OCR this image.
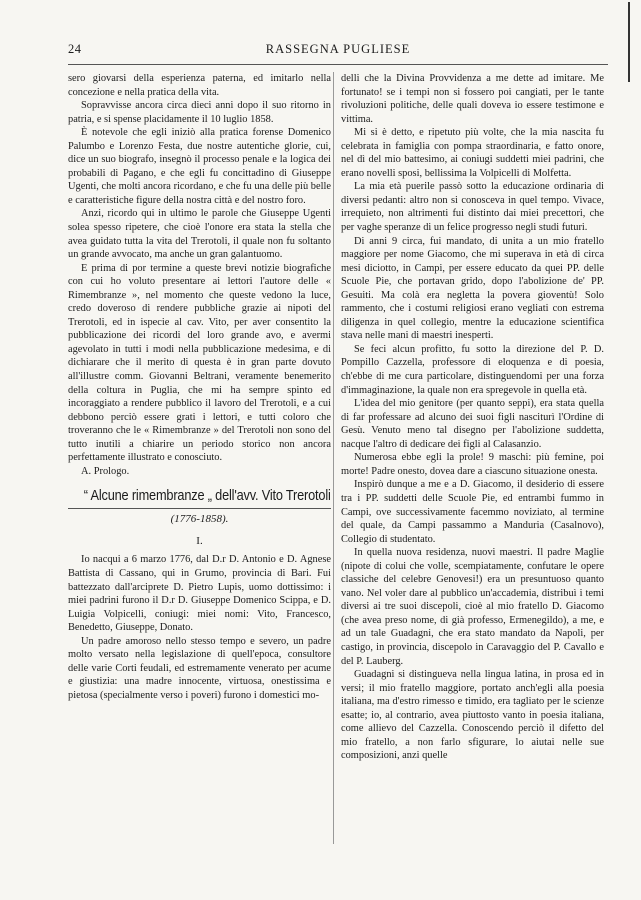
24	RASSEGNA PUGLIESE

sero giovarsi della esperienza paterna, ed imitarlo nella concezione e nella pratica della vita.

Sopravvisse ancora circa dieci anni dopo il suo ritorno in patria, e si spense placidamente il 10 luglio 1858.

È notevole che egli iniziò alla pratica forense Domenico Palumbo e Lorenzo Festa, due nostre autentiche glorie, cui, dice un suo biografo, insegnò il processo penale e la logica dei probabili di Pagano, e che egli fu concittadino di Giuseppe Ugenti, che molti ancora ricordano, e che fu una delle più belle e caratteristiche figure della nostra città e del nostro foro.

Anzi, ricordo qui in ultimo le parole che Giuseppe Ugenti solea spesso ripetere, che cioè l'onore era stata la stella che avea guidato tutta la vita del Trerotoli, il quale non fu soltanto un grande avvocato, ma anche un gran galantuomo.

E prima di por termine a queste brevi notizie biografiche con cui ho voluto presentare ai lettori l'autore delle « Rimembranze », nel momento che queste vedono la luce, credo doveroso di rendere pubbliche grazie ai nipoti del Trerotoli, ed in ispecie al cav. Vito, per aver consentito la pubblicazione dei ricordi del loro grande avo, e avermi agevolato in tutti i modi nella pubblicazione medesima, e di dichiarare che il merito di questa è in gran parte dovuto all'illustre comm. Giovanni Beltrani, veramente benemerito della coltura in Puglia, che mi ha sempre spinto ed incoraggiato a rendere pubblico il lavoro del Trerotoli, e a cui debbono perciò essere grati i lettori, e tutti coloro che troveranno che le « Rimembranze » del Trerotoli non sono del tutto inutili a chiarire un periodo storico non ancora perfettamente illustrato e conosciuto.

A. Prologo.

“ Alcune rimembranze „ dell'avv. Vito Trerotoli
(1776-1858).
I.

Io nacqui a 6 marzo 1776, dal D.r D. Antonio e D. Agnese Battista di Cassano, qui in Grumo, provincia di Bari. Fui battezzato dall'arciprete D. Pietro Lupis, uomo dottissimo: i miei padrini furono il D.r D. Giuseppe Domenico Scippa, e D. Luigia Volpicelli, coniugi: miei nomi: Vito, Francesco, Benedetto, Giuseppe, Donato.

Un padre amoroso nello stesso tempo e severo, un padre molto versato nella legislazione di quell'epoca, consultore delle varie Corti feudali, ed estremamente venerato per acume e giustizia: una madre innocente, virtuosa, onestissima e pietosa (specialmente verso i poveri) furono i domestici mo-

delli che la Divina Provvidenza a me dette ad imitare. Me fortunato! se i tempi non si fossero poi cangiati, per le tante rivoluzioni politiche, delle quali doveva io essere testimone e vittima.

Mi si è detto, e ripetuto più volte, che la mia nascita fu celebrata in famiglia con pompa straordinaria, e fatto onore, nel dì del mio battesimo, ai coniugi suddetti miei padrini, che erano novelli sposi, bellissima la Volpicelli di Molfetta.

La mia età puerile passò sotto la educazione ordinaria di diversi pedanti: altro non si conosceva in quel tempo. Vivace, irrequieto, non altrimenti fui distinto dai miei precettori, che per vaghe speranze di un felice progresso negli studi futuri.

Di anni 9 circa, fui mandato, di unita a un mio fratello maggiore per nome Giacomo, che mi superava in età di circa mesi diciotto, in Campi, per essere educato da quei PP. delle Scuole Pie, che portavan grido, dopo l'abolizione de' PP. Gesuiti. Ma colà era negletta la povera gioventù! Solo rammento, che i costumi religiosi erano vegliati con estrema diligenza in quel collegio, mentre la educazione scientifica stava nelle mani di maestri inesperti.

Se feci alcun profitto, fu sotto la direzione del P. D. Pompillo Cazzella, professore di eloquenza e di poesia, ch'ebbe di me cura particolare, distinguendomi per una forza d'immaginazione, la quale non era spregevole in quella età.

L'idea del mio genitore (per quanto seppi), era stata quella di far professare ad alcuno dei suoi figli nasciturì l'Ordine di Gesù. Venuto meno tal disegno per l'abolizione suddetta, nacque l'altro di dedicare dei figli al Calasanzio.

Numerosa ebbe egli la prole! 9 maschi: più femine, poi morte! Padre onesto, dovea dare a ciascuno situazione onesta.

Inspirò dunque a me e a D. Giacomo, il desiderio di essere tra i PP. suddetti delle Scuole Pie, ed entrambi fummo in Campi, ove successivamente facemmo noviziato, al termine del quale, da Campi passammo a Manduria (Casalnovo), Collegio di studentato.

In quella nuova residenza, nuovi maestri. Il padre Maglie (nipote di colui che volle, scempiatamente, confutare le opere classiche del celebre Genovesi!) era un presuntuoso quanto vano. Nel voler dare al pubblico un'accademia, distribuì i temi diversi ai tre suoi discepoli, cioè al mio fratello D. Giacomo (che avea preso nome, di già professo, Ermenegildo), a me, e ad un tale Guadagni, che era stato mandato da Napoli, per castigo, in provincia, discepolo in Caravaggio del P. Cavallo e del P. Lauberg.

Guadagni si distingueva nella lingua latina, in prosa ed in versi; il mio fratello maggiore, portato anch'egli alla poesia italiana, ma d'estro rimesso e timido, era tagliato per le scienze esatte; io, al contrario, avea piuttosto vanto in poesia italiana, come allievo del Cazzella. Conoscendo perciò il difetto del mio fratello, a non farlo sfigurare, lo aiutai nelle sue composizioni, anzi quelle
